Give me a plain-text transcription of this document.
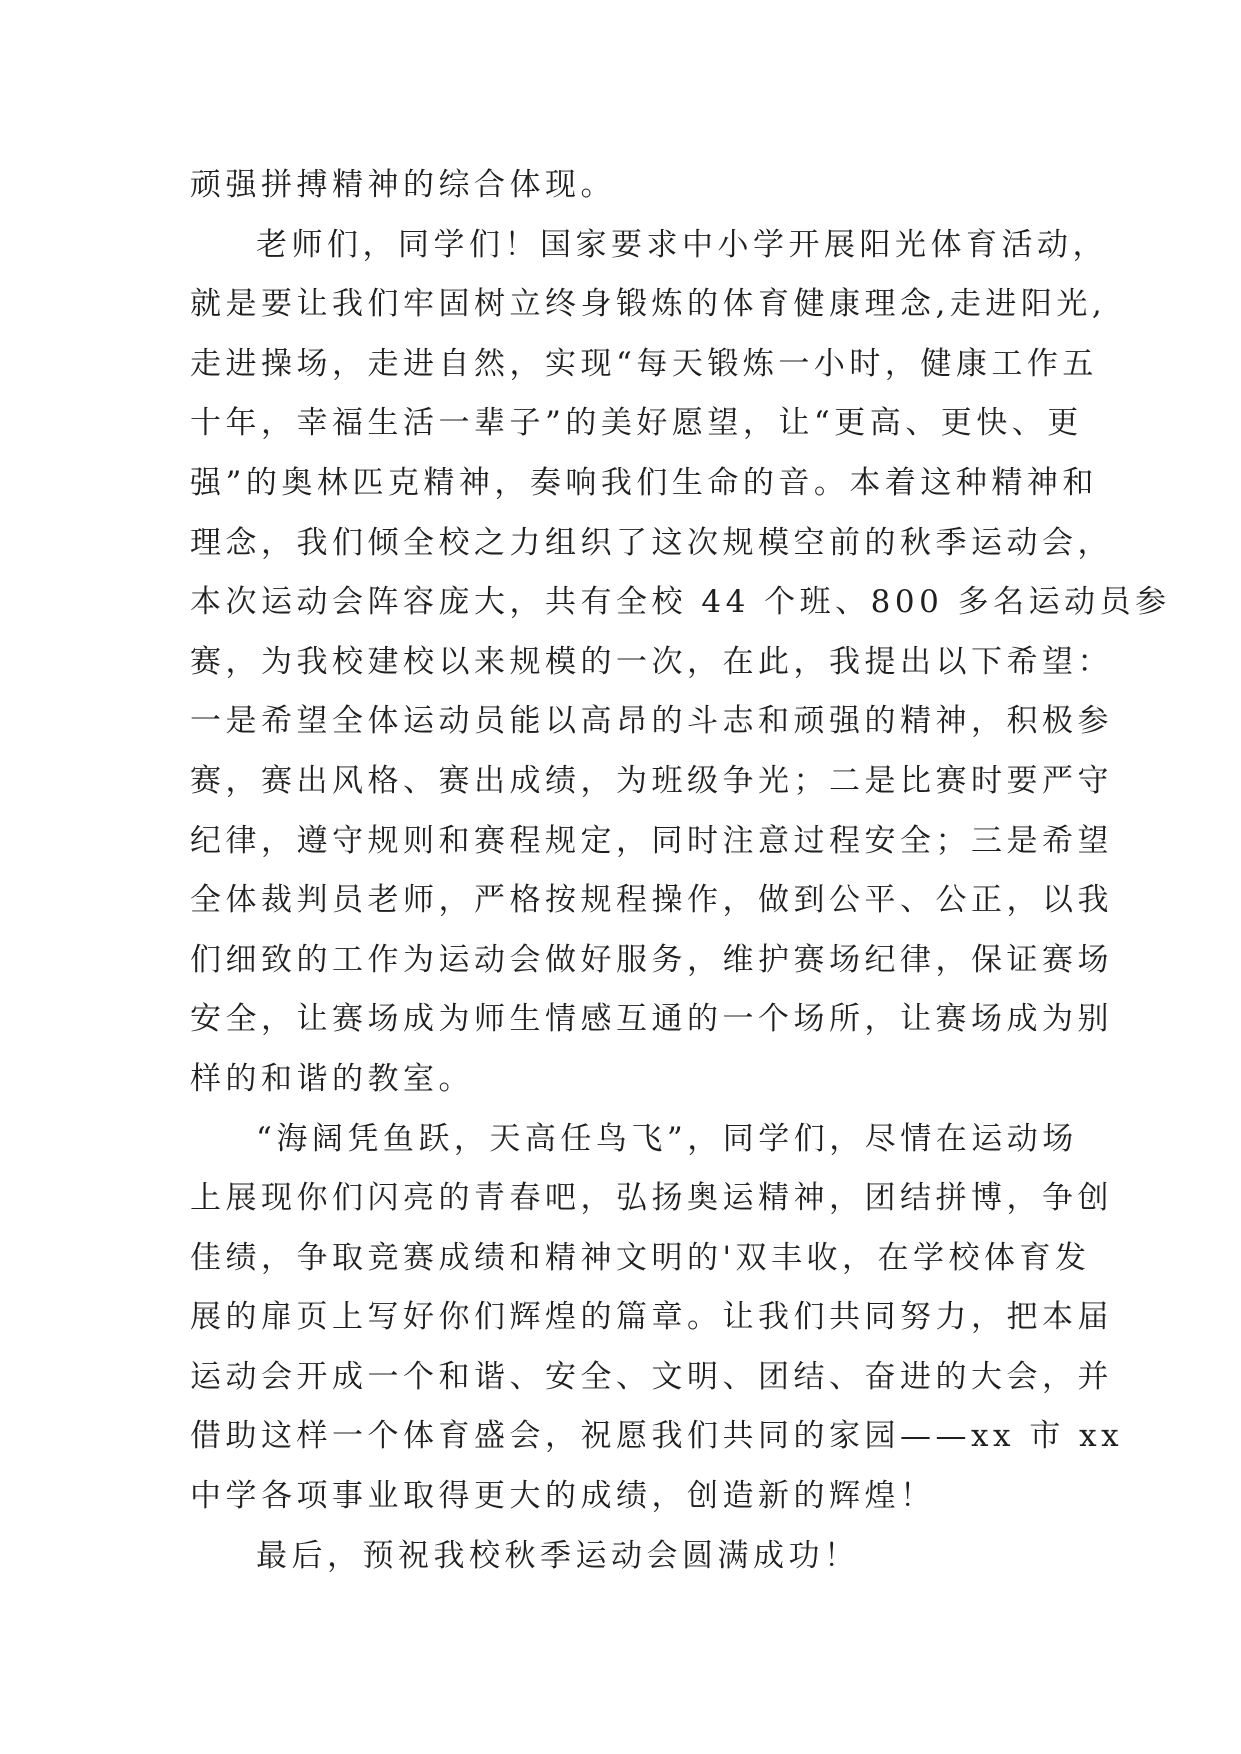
顽强拼搏精神的综合体现。
老师们，同学们！国家要求中小学开展阳光体育活动，
就是要让我们牢固树立终身锻炼的体育健康理念,走进阳光,
走进操场，走进自然，实现“每天锻炼一小时，健康工作五
十年，幸福生活一辈子”的美好愿望，让“更高、更快、更
强”的奥林匹克精神，奏响我们生命的音。本着这种精神和
理念，我们倾全校之力组织了这次规模空前的秋季运动会，
本次运动会阵容庞大，共有全校 44 个班、800 多名运动员参
赛，为我校建校以来规模的一次，在此，我提出以下希望：
一是希望全体运动员能以高昂的斗志和顽强的精神，积极参
赛，赛出风格、赛出成绩，为班级争光；二是比赛时要严守
纪律，遵守规则和赛程规定，同时注意过程安全；三是希望
全体裁判员老师，严格按规程操作，做到公平、公正，以我
们细致的工作为运动会做好服务，维护赛场纪律，保证赛场
安全，让赛场成为师生情感互通的一个场所，让赛场成为别
样的和谐的教室。
“海阔凭鱼跃，天高任鸟飞”，同学们，尽情在运动场
上展现你们闪亮的青春吧，弘扬奥运精神，团结拼博，争创
佳绩，争取竞赛成绩和精神文明的'双丰收，在学校体育发
展的扉页上写好你们辉煌的篇章。让我们共同努力，把本届
运动会开成一个和谐、安全、文明、团结、奋进的大会，并
借助这样一个体育盛会，祝愿我们共同的家园——xx 市 xx
中学各项事业取得更大的成绩，创造新的辉煌！
最后，预祝我校秋季运动会圆满成功！
